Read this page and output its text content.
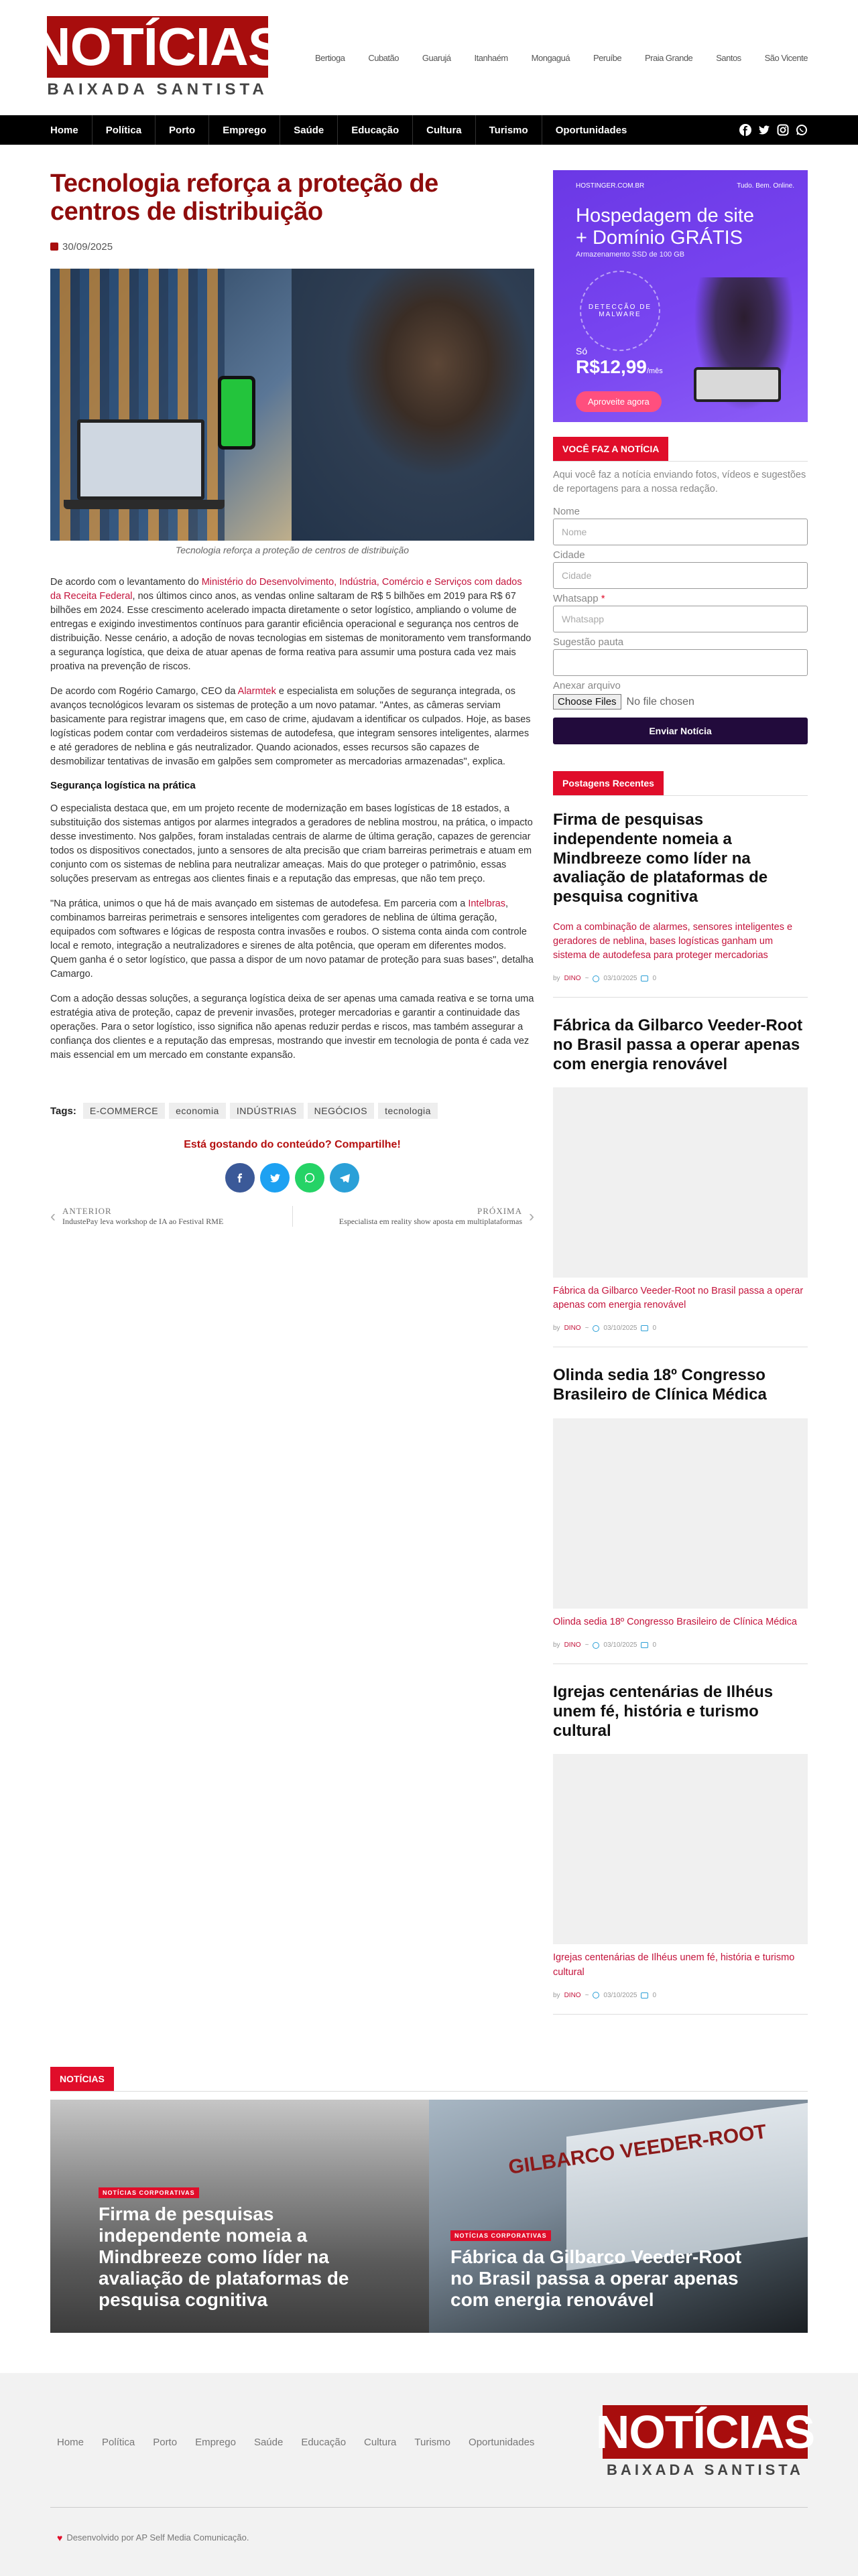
NOTÍCIAS
BAIXADA SANTISTA
Bertioga	Cubatão	Guarujá	Itanhaém	Mongaguá	Peruíbe	Praia Grande	Santos	São Vicente
Home	Política	Porto	Emprego	Saúde	Educação	Cultura	Turismo	Oportunidades
Tecnologia reforça a proteção de centros de distribuição
30/09/2025
Tecnologia reforça a proteção de centros de distribuição

De acordo com o levantamento do Ministério do Desenvolvimento, Indústria, Comércio e Serviços com dados da Receita Federal, nos últimos cinco anos, as vendas online saltaram de R$ 5 bilhões em 2019 para R$ 67 bilhões em 2024. Esse crescimento acelerado impacta diretamente o setor logístico, ampliando o volume de entregas e exigindo investimentos contínuos para garantir eficiência operacional e segurança nos centros de distribuição. Nesse cenário, a adoção de novas tecnologias em sistemas de monitoramento vem transformando a segurança logística, que deixa de atuar apenas de forma reativa para assumir uma postura cada vez mais proativa na prevenção de riscos.

De acordo com Rogério Camargo, CEO da Alarmtek e especialista em soluções de segurança integrada, os avanços tecnológicos levaram os sistemas de proteção a um novo patamar. "Antes, as câmeras serviam basicamente para registrar imagens que, em caso de crime, ajudavam a identificar os culpados. Hoje, as bases logísticas podem contar com verdadeiros sistemas de autodefesa, que integram sensores inteligentes, alarmes e até geradores de neblina e gás neutralizador. Quando acionados, esses recursos são capazes de desmobilizar tentativas de invasão em galpões sem comprometer as mercadorias armazenadas", explica.

Segurança logística na prática

O especialista destaca que, em um projeto recente de modernização em bases logísticas de 18 estados, a substituição dos sistemas antigos por alarmes integrados a geradores de neblina mostrou, na prática, o impacto desse investimento. Nos galpões, foram instaladas centrais de alarme de última geração, capazes de gerenciar todos os dispositivos conectados, junto a sensores de alta precisão que criam barreiras perimetrais e atuam em conjunto com os sistemas de neblina para neutralizar ameaças. Mais do que proteger o patrimônio, essas soluções preservam as entregas aos clientes finais e a reputação das empresas, que não tem preço.

"Na prática, unimos o que há de mais avançado em sistemas de autodefesa. Em parceria com a Intelbras, combinamos barreiras perimetrais e sensores inteligentes com geradores de neblina de última geração, equipados com softwares e lógicas de resposta contra invasões e roubos. O sistema conta ainda com controle local e remoto, integração a neutralizadores e sirenes de alta potência, que operam em diferentes modos. Quem ganha é o setor logístico, que passa a dispor de um novo patamar de proteção para suas bases", detalha Camargo.

Com a adoção dessas soluções, a segurança logística deixa de ser apenas uma camada reativa e se torna uma estratégia ativa de proteção, capaz de prevenir invasões, proteger mercadorias e garantir a continuidade das operações. Para o setor logístico, isso significa não apenas reduzir perdas e riscos, mas também assegurar a confiança dos clientes e a reputação das empresas, mostrando que investir em tecnologia de ponta é cada vez mais essencial em um mercado em constante expansão.

Tags:	E-COMMERCE	economia	INDÚSTRIAS	NEGÓCIOS	tecnologia
Está gostando do conteúdo? Compartilhe!
‹ ANTERIOR
IndustePay leva workshop de IA ao Festival RME
PRÓXIMA
Especialista em reality show aposta em multiplataformas ›
HOSTINGER.COM.BR	Tudo. Bem. Online.
Hospedagem de site
+ Domínio GRÁTIS
Armazenamento SSD de 100 GB
DETECÇÃO DE MALWARE
Só
R$12,99/mês
Aproveite agora
VOCÊ FAZ A NOTÍCIA
Aqui você faz a notícia enviando fotos, vídeos e sugestões de reportagens para a nossa redação.
Nome
Nome
Cidade
Cidade
Whatsapp *
Whatsapp
Sugestão pauta
Anexar arquivo
Choose Files No file chosen
Enviar Notícia
Postagens Recentes
Firma de pesquisas independente nomeia a Mindbreeze como líder na avaliação de plataformas de pesquisa cognitiva
Com a combinação de alarmes, sensores inteligentes e geradores de neblina, bases logísticas ganham um sistema de autodefesa para proteger mercadorias
by DINO ~ 03/10/2025 0
Fábrica da Gilbarco Veeder-Root no Brasil passa a operar apenas com energia renovável
Fábrica da Gilbarco Veeder-Root no Brasil passa a operar apenas com energia renovável
by DINO ~ 03/10/2025 0
Olinda sedia 18º Congresso Brasileiro de Clínica Médica
Olinda sedia 18º Congresso Brasileiro de Clínica Médica
by DINO ~ 03/10/2025 0
Igrejas centenárias de Ilhéus unem fé, história e turismo cultural
Igrejas centenárias de Ilhéus unem fé, história e turismo cultural
by DINO ~ 03/10/2025 0
NOTÍCIAS
NOTÍCIAS CORPORATIVAS
Firma de pesquisas independente nomeia a Mindbreeze como líder na avaliação de plataformas de pesquisa cognitiva
GILBARCO VEEDER-ROOT
NOTÍCIAS CORPORATIVAS
Fábrica da Gilbarco Veeder-Root no Brasil passa a operar apenas com energia renovável
Home Política Porto Emprego Saúde Educação Cultura Turismo Oportunidades NOTÍCIAS
BAIXADA SANTISTA
♥ Desenvolvido por AP Self Media Comunicação.
